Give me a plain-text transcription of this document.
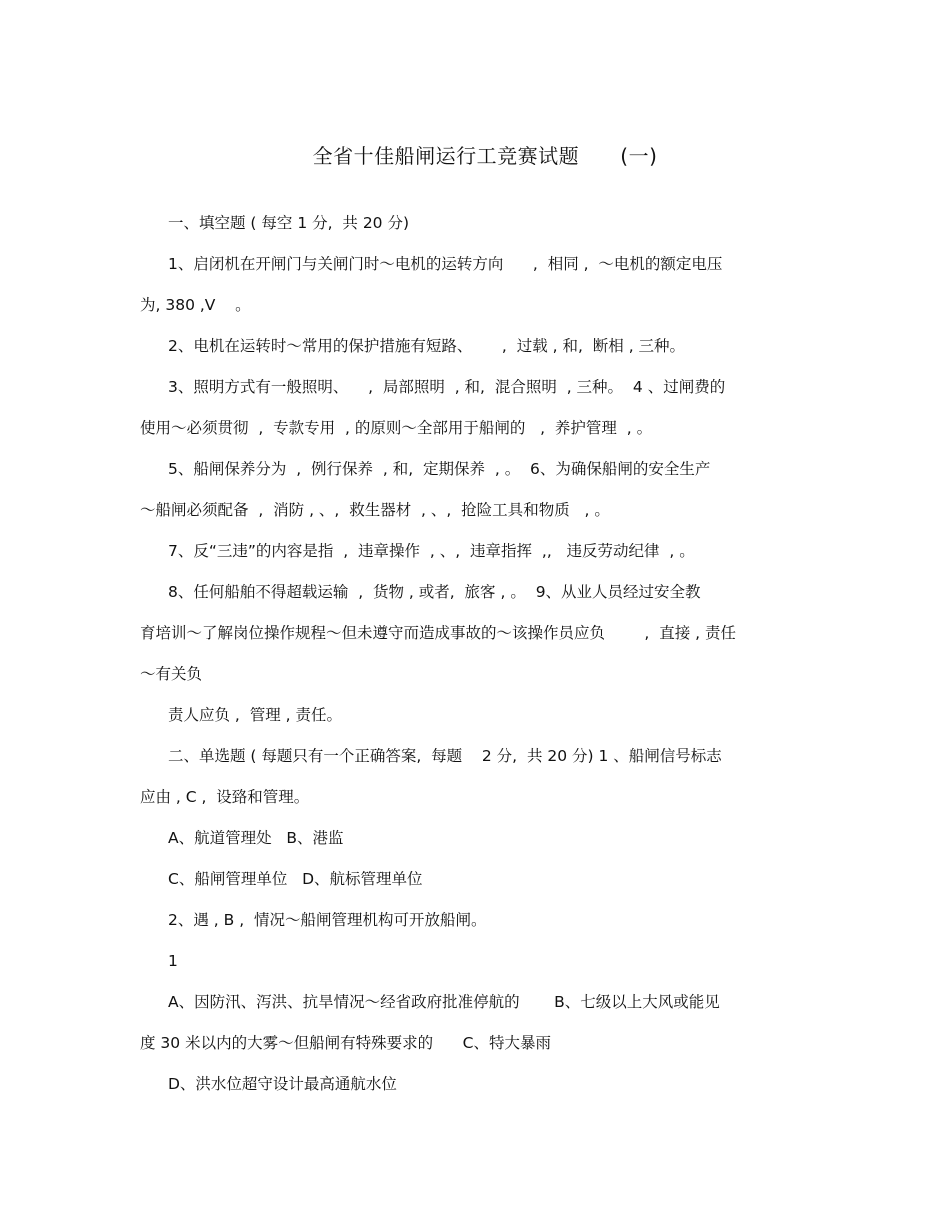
全省十佳船闸运行工竞赛试题      (一)
一、填空题 ( 每空 1 分,  共 20 分)
1、启闭机在开闸门与关闸门时～电机的运转方向      ,  相同 ,  ～电机的额定电压
为, 380 ,V    。
2、电机在运转时～常用的保护措施有短路、      ,  过载 , 和,  断相 , 三种。
3、照明方式有一般照明、    ,  局部照明  , 和,  混合照明  , 三种。  4 、过闸费的
使用～必须贯彻  ,  专款专用  , 的原则～全部用于船闸的   ,  养护管理  , 。
5、船闸保养分为  ,  例行保养  , 和,  定期保养  , 。  6、为确保船闸的安全生产
～船闸必须配备  ,  消防 , 、,  救生器材  , 、,  抢险工具和物质   , 。
7、反“三违”的内容是指  ,  违章操作  , 、,  违章指挥  ,,   违反劳动纪律  , 。
8、任何船舶不得超载运输  ,  货物 , 或者,  旅客 , 。  9、从业人员经过安全教
育培训～了解岗位操作规程～但未遵守而造成事故的～该操作员应负        ,  直接 , 责任
～有关负
责人应负 ,  管理 , 责任。
二、单选题 ( 每题只有一个正确答案,  每题    2 分,  共 20 分) 1 、船闸信号标志
应由 , C ,  设臵和管理。
A、航道管理处   B、港监
C、船闸管理单位   D、航标管理单位
2、遇 , B ,  情况～船闸管理机构可开放船闸。
1
A、因防汛、泻洪、抗旱情况～经省政府批准停航的       B、七级以上大风或能见
度 30 米以内的大雾～但船闸有特殊要求的      C、特大暴雨
D、洪水位超守设计最高通航水位
